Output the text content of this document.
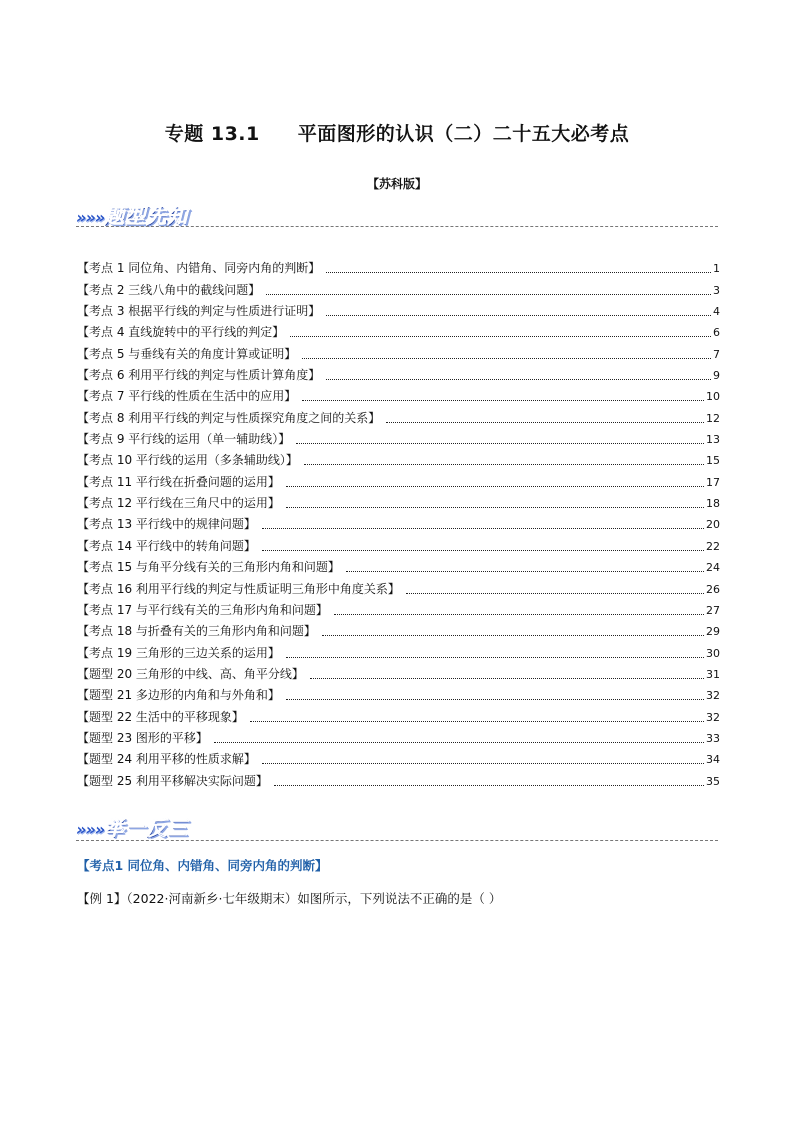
专题 13.1 平面图形的认识（二）二十五大必考点
【苏科版】
»»»题型先知
【考点 1 同位角、内错角、同旁内角的判断】	1
【考点 2 三线八角中的截线问题】	3
【考点 3 根据平行线的判定与性质进行证明】	4
【考点 4 直线旋转中的平行线的判定】	6
【考点 5 与垂线有关的角度计算或证明】	7
【考点 6 利用平行线的判定与性质计算角度】	9
【考点 7 平行线的性质在生活中的应用】	10
【考点 8 利用平行线的判定与性质探究角度之间的关系】	12
【考点 9 平行线的运用（单一辅助线）】	13
【考点 10 平行线的运用（多条辅助线）】	15
【考点 11 平行线在折叠问题的运用】	17
【考点 12 平行线在三角尺中的运用】	18
【考点 13 平行线中的规律问题】	20
【考点 14 平行线中的转角问题】	22
【考点 15 与角平分线有关的三角形内角和问题】	24
【考点 16 利用平行线的判定与性质证明三角形中角度关系】	26
【考点 17 与平行线有关的三角形内角和问题】	27
【考点 18 与折叠有关的三角形内角和问题】	29
【考点 19 三角形的三边关系的运用】	30
【题型 20 三角形的中线、高、角平分线】	31
【题型 21 多边形的内角和与外角和】	32
【题型 22 生活中的平移现象】	32
【题型 23 图形的平移】	33
【题型 24 利用平移的性质求解】	34
【题型 25 利用平移解决实际问题】	35
»»»举一反三
【考点1 同位角、内错角、同旁内角的判断】
【例 1】（2022·河南新乡·七年级期末）如图所示，下列说法不正确的是（ ）
